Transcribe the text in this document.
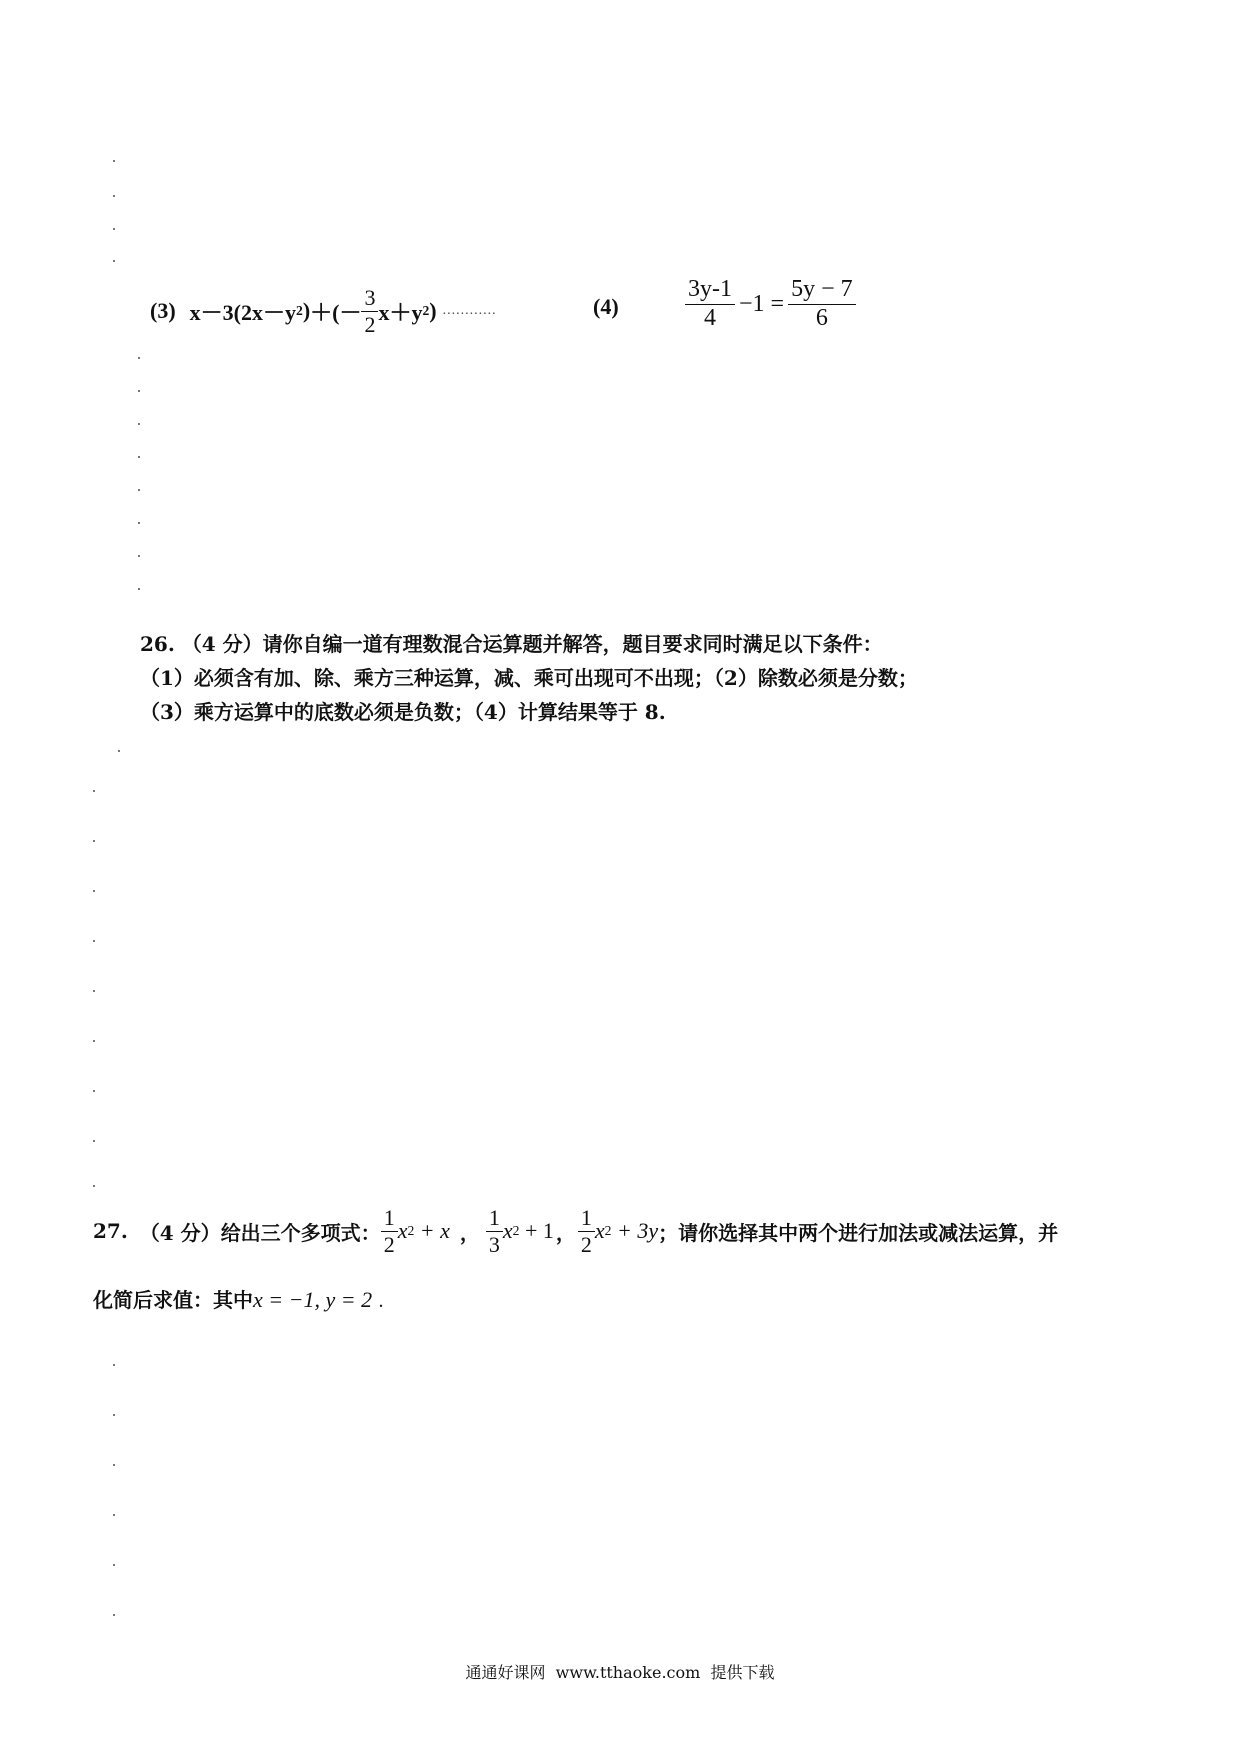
(3) x－3 (2x－y 2 ) ＋(－ $\frac{3}{2} x+y$ 2 ) ............	(4)	$\frac{3y-1}{4} -1 = \frac{5y - 7}{6}$
26. （4 分）请你自编一道有理数混合运算题并解答，题目要求同时满足以下条件：
（1）必须含有加、除、乘方三种运算，减、乘可出现可不出现；（2）除数必须是分数；
（3）乘方运算中的底数必须是负数；（4）计算结果等于 8.
27. （4 分） 给出三个多项式： $\frac{1}{2}$ x 2 + x ， $\frac{1}{3}$ x 2 + 1 ， $\frac{1}{2}$ x 2 + 3y ；请你选择其中两个进行加法或减法运算，并
化简后求值：其中x = −1, y = 2 .
通通好课网  www.tthaoke.com  提供下载
